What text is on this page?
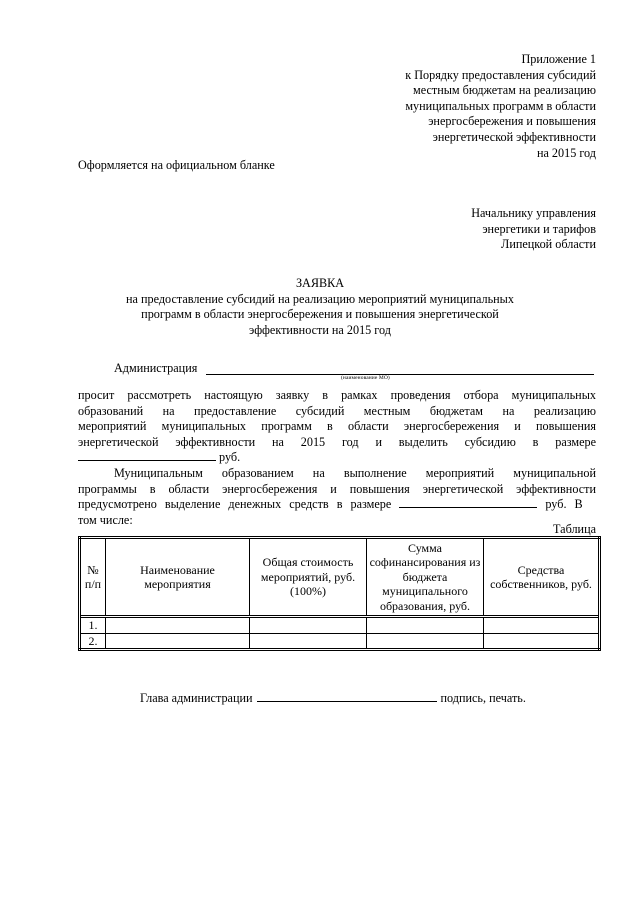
Приложение 1
к Порядку предоставления субсидий
местным бюджетам на реализацию
муниципальных программ в области
энергосбережения и повышения
энергетической эффективности
на 2015 год
Оформляется на официальном бланке
Начальнику управления
энергетики и тарифов
Липецкой области
ЗАЯВКА
на предоставление субсидий на реализацию мероприятий муниципальных
программ в области энергосбережения и повышения энергетической
эффективности на 2015 год
Администрация
(наименование МО)
просит рассмотреть настоящую заявку в рамках проведения отбора муниципальных
образований на предоставление субсидий местным бюджетам на реализацию
мероприятий муниципальных программ в области энергосбережения и повышения
энергетической эффективности на 2015 год и выделить субсидию в размере
руб.
Муниципальным образованием на выполнение мероприятий муниципальной
программы в области энергосбережения и повышения энергетической эффективности
предусмотрено выделение денежных средств в размере	руб. В
том числе:
Таблица
№ п/п	Наименование мероприятия	Общая стоимость мероприятий, руб. (100%)	Сумма софинансирования из бюджета муниципального образования, руб.	Средства собственников, руб.
1.				
2.				
Глава администрации	подпись, печать.
